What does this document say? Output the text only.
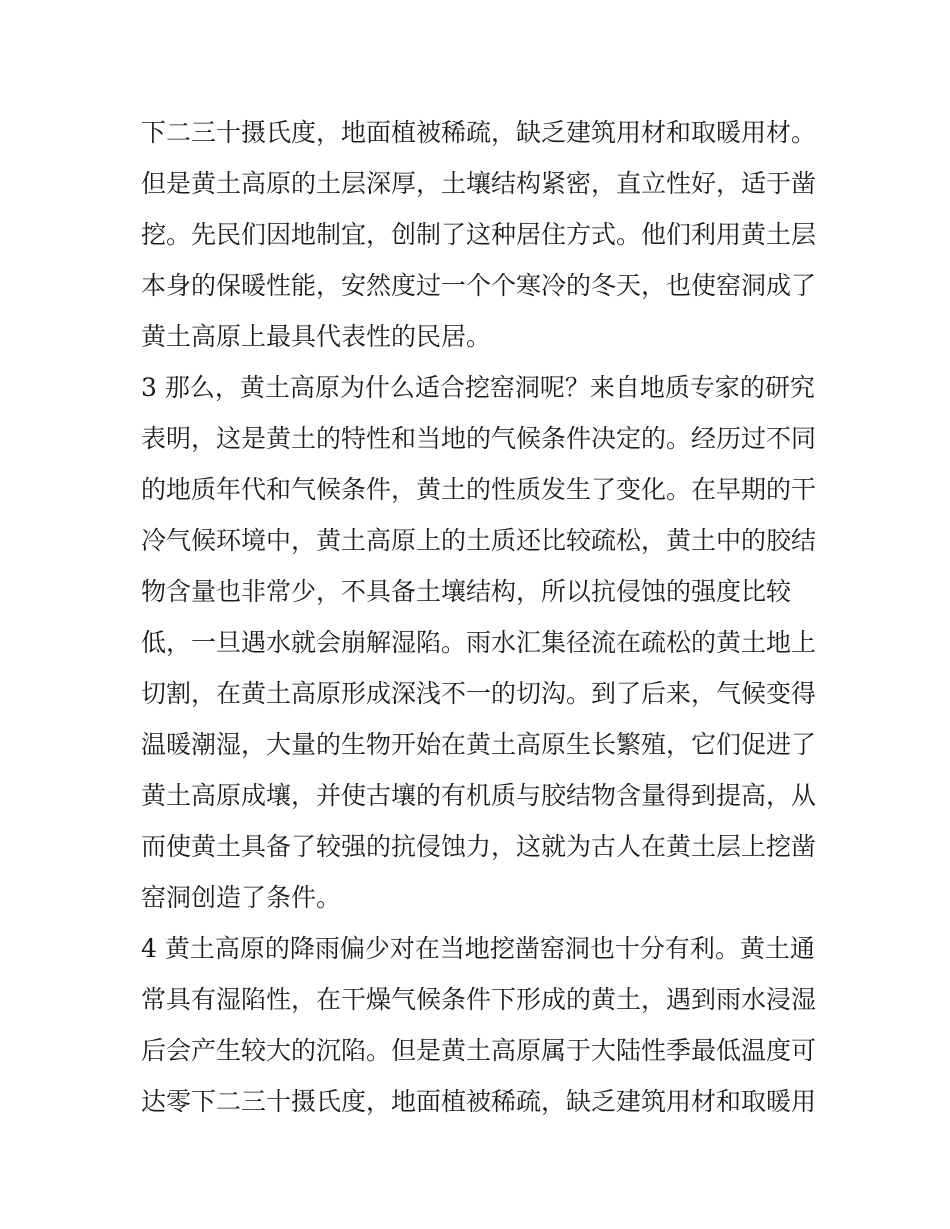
下二三十摄氏度，地面植被稀疏，缺乏建筑用材和取暖用材。
但是黄土高原的土层深厚，土壤结构紧密，直立性好，适于凿
挖。先民们因地制宜，创制了这种居住方式。他们利用黄土层
本身的保暖性能，安然度过一个个寒冷的冬天，也使窑洞成了
黄土高原上最具代表性的民居。
3 那么，黄土高原为什么适合挖窑洞呢？来自地质专家的研究
表明，这是黄土的特性和当地的气候条件决定的。经历过不同
的地质年代和气候条件，黄土的性质发生了变化。在早期的干
冷气候环境中，黄土高原上的土质还比较疏松，黄土中的胶结
物含量也非常少，不具备土壤结构，所以抗侵蚀的强度比较
低，一旦遇水就会崩解湿陷。雨水汇集径流在疏松的黄土地上
切割，在黄土高原形成深浅不一的切沟。到了后来，气候变得
温暖潮湿，大量的生物开始在黄土高原生长繁殖，它们促进了
黄土高原成壤，并使古壤的有机质与胶结物含量得到提高，从
而使黄土具备了较强的抗侵蚀力，这就为古人在黄土层上挖凿
窑洞创造了条件。
4 黄土高原的降雨偏少对在当地挖凿窑洞也十分有利。黄土通
常具有湿陷性，在干燥气候条件下形成的黄土，遇到雨水浸湿
后会产生较大的沉陷。但是黄土高原属于大陆性季最低温度可
达零下二三十摄氏度，地面植被稀疏，缺乏建筑用材和取暖用
